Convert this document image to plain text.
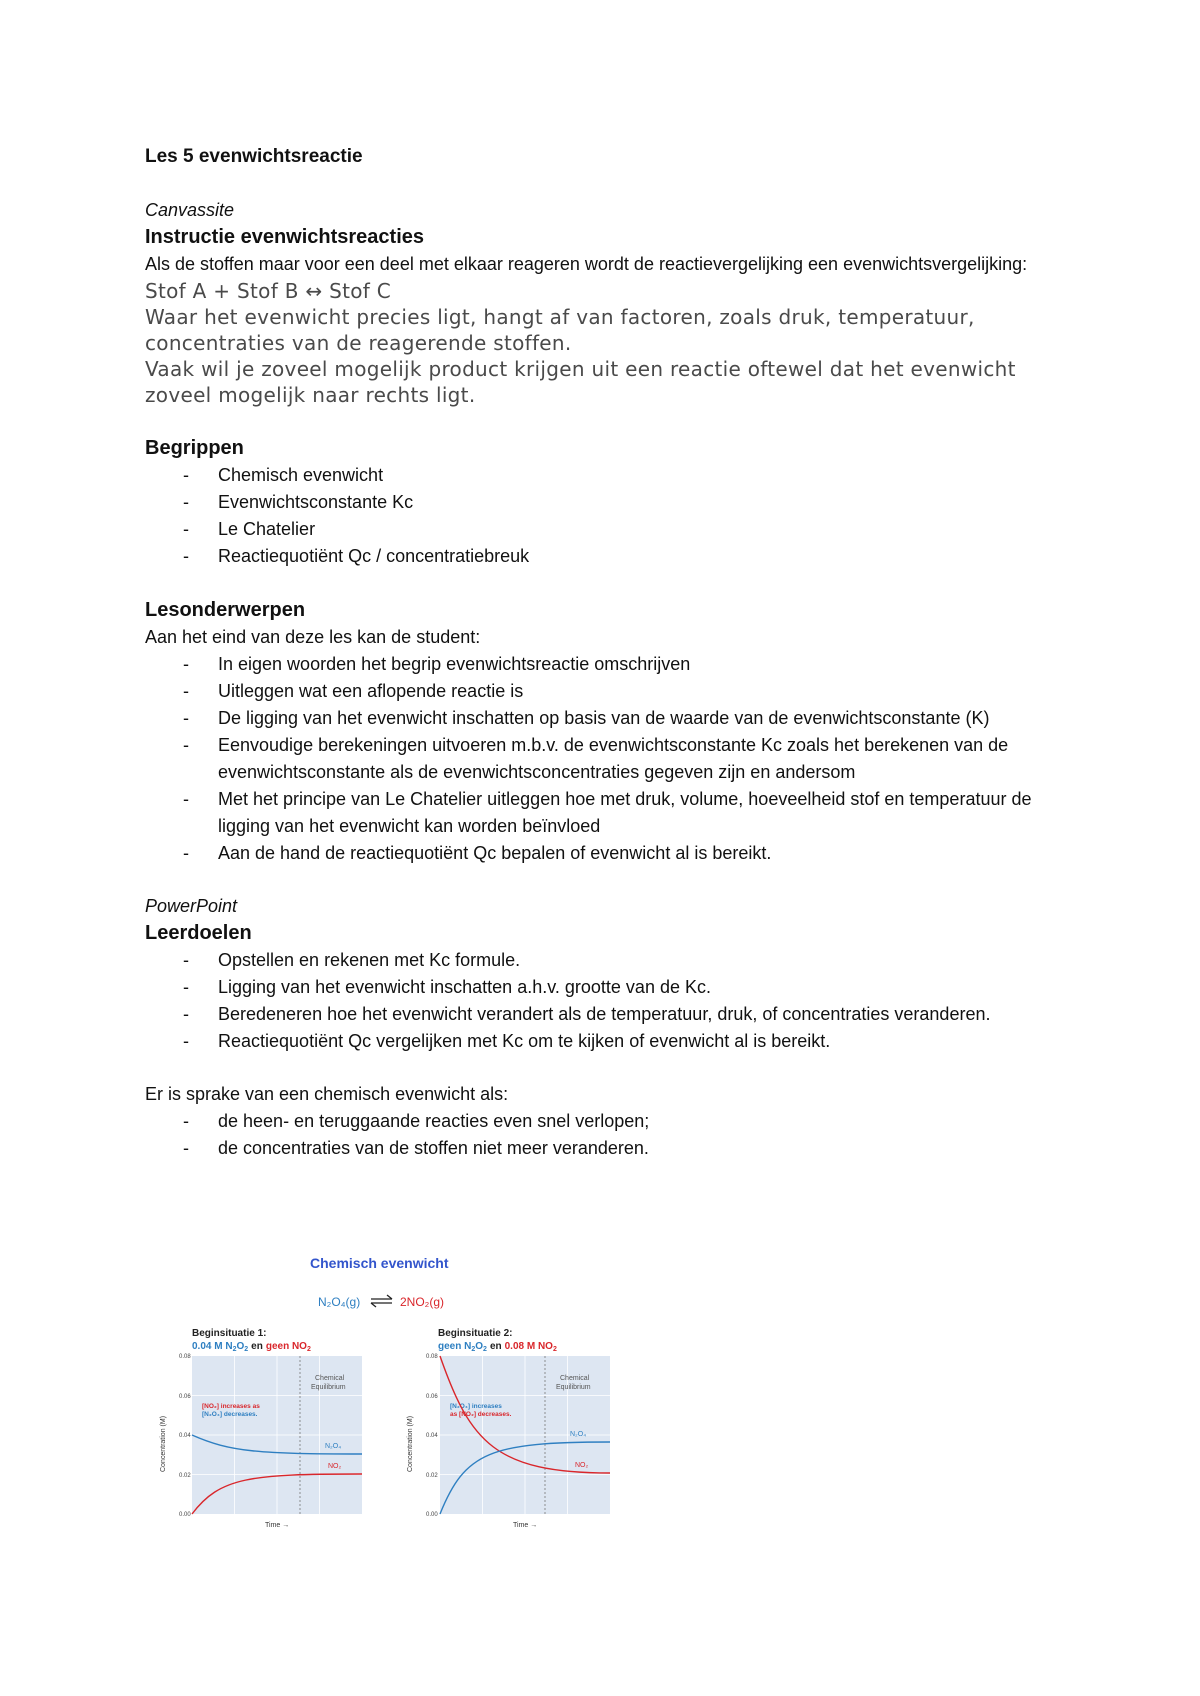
Les 5 evenwichtsreactie

Canvassite

Instructie evenwichtsreacties

Als de stoffen maar voor een deel met elkaar reageren wordt de reactievergelijking een evenwichtsvergelijking:

Stof A + Stof B ↔ Stof C

Waar het evenwicht precies ligt, hangt af van factoren, zoals druk, temperatuur, concentraties van de reagerende stoffen.

Vaak wil je zoveel mogelijk product krijgen uit een reactie oftewel dat het evenwicht zoveel mogelijk naar rechts ligt.

Begrippen

- Chemisch evenwicht
- Evenwichtsconstante Kc
- Le Chatelier
- Reactiequotiënt Qc / concentratiebreuk

Lesonderwerpen

Aan het eind van deze les kan de student:

- In eigen woorden het begrip evenwichtsreactie omschrijven
- Uitleggen wat een aflopende reactie is
- De ligging van het evenwicht inschatten op basis van de waarde van de evenwichtsconstante (K)
- Eenvoudige berekeningen uitvoeren m.b.v. de evenwichtsconstante Kc zoals het berekenen van de evenwichtsconstante als de evenwichtsconcentraties gegeven zijn en andersom
- Met het principe van Le Chatelier uitleggen hoe met druk, volume, hoeveelheid stof en temperatuur de ligging van het evenwicht kan worden beïnvloed
- Aan de hand de reactiequotiënt Qc bepalen of evenwicht al is bereikt.

PowerPoint

Leerdoelen

- Opstellen en rekenen met Kc formule.
- Ligging van het evenwicht inschatten a.h.v. grootte van de Kc.
- Beredeneren hoe het evenwicht verandert als de temperatuur, druk, of concentraties veranderen.
- Reactiequotiënt Qc vergelijken met Kc om te kijken of evenwicht al is bereikt.

Er is sprake van een chemisch evenwicht als:

- de heen- en teruggaande reacties even snel verlopen;
- de concentraties van de stoffen niet meer veranderen.
Chemisch evenwicht
N₂O₄(g)	2NO₂(g)
Beginsituatie 1:
0.04 M $N_2O_2$ en geen $NO_2$
0.08
0.06
0.04
0.02
0.00
Concentration (M)
Time →
Chemical
Equilibrium
[NO₂] increases as
[N₂O₄] decreases.
N₂O₄
NO₂
Beginsituatie 2:
geen $N_2O_2$ en 0.08 M $NO_2$
0.08
0.06
0.04
0.02
0.00
Concentration (M)
Time →
Chemical
Equilibrium
[N₂O₄] increases
as [NO₂] decreases.
N₂O₄
NO₂
